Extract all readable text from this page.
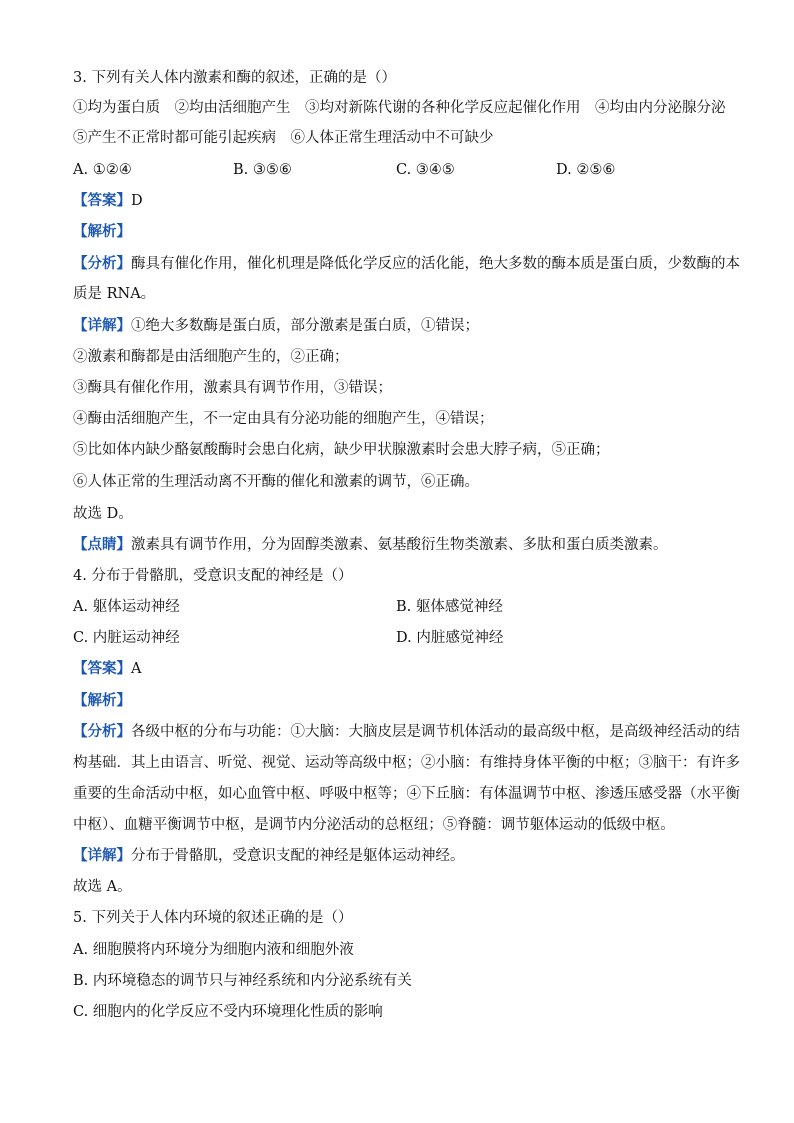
3. 下列有关人体内激素和酶的叙述，正确的是（）
①均为蛋白质　②均由活细胞产生　③均对新陈代谢的各种化学反应起催化作用　④均由内分泌腺分泌
⑤产生不正常时都可能引起疾病　⑥人体正常生理活动中不可缺少
A. ①②④	B. ③⑤⑥	C. ③④⑤	D. ②⑤⑥
【答案】D
【解析】
【分析】酶具有催化作用，催化机理是降低化学反应的活化能，绝大多数的酶本质是蛋白质，少数酶的本
质是 RNA。
【详解】①绝大多数酶是蛋白质，部分激素是蛋白质，①错误；
②激素和酶都是由活细胞产生的，②正确；
③酶具有催化作用，激素具有调节作用，③错误；
④酶由活细胞产生，不一定由具有分泌功能的细胞产生，④错误；
⑤比如体内缺少酪氨酸酶时会患白化病，缺少甲状腺激素时会患大脖子病，⑤正确；
⑥人体正常的生理活动离不开酶的催化和激素的调节，⑥正确。
故选 D。
【点睛】激素具有调节作用，分为固醇类激素、氨基酸衍生物类激素、多肽和蛋白质类激素。
4. 分布于骨骼肌，受意识支配的神经是（）
A. 躯体运动神经	B. 躯体感觉神经
C. 内脏运动神经	D. 内脏感觉神经
【答案】A
【解析】
【分析】各级中枢的分布与功能：①大脑：大脑皮层是调节机体活动的最高级中枢，是高级神经活动的结
构基础．其上由语言、听觉、视觉、运动等高级中枢；②小脑：有维持身体平衡的中枢；③脑干：有许多
重要的生命活动中枢，如心血管中枢、呼吸中枢等；④下丘脑：有体温调节中枢、渗透压感受器（水平衡
中枢）、血糖平衡调节中枢，是调节内分泌活动的总枢纽；⑤脊髓：调节躯体运动的低级中枢。
【详解】分布于骨骼肌，受意识支配的神经是躯体运动神经。
故选 A。
5. 下列关于人体内环境的叙述正确的是（）
A. 细胞膜将内环境分为细胞内液和细胞外液
B. 内环境稳态的调节只与神经系统和内分泌系统有关
C. 细胞内的化学反应不受内环境理化性质的影响
